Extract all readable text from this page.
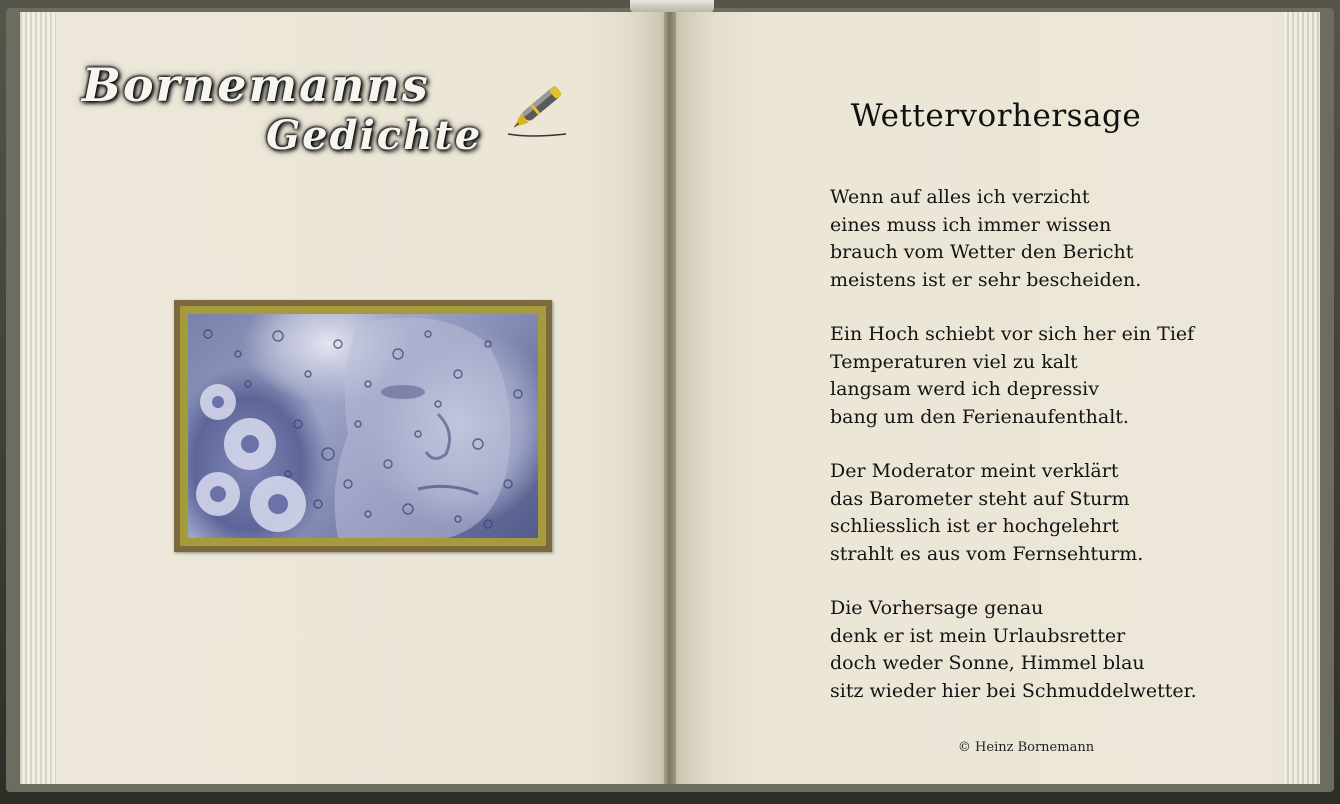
Bornemanns
Gedichte	Wettervorhersage
Wenn auf alles ich verzicht
eines muss ich immer wissen
brauch vom Wetter den Bericht
meistens ist er sehr bescheiden.
Ein Hoch schiebt vor sich her ein Tief
Temperaturen viel zu kalt
langsam werd ich depressiv
bang um den Ferienaufenthalt.
Der Moderator meint verklärt
das Barometer steht auf Sturm
schliesslich ist er hochgelehrt
strahlt es aus vom Fernsehturm.
Die Vorhersage genau
denk er ist mein Urlaubsretter
doch weder Sonne, Himmel blau
sitz wieder hier bei Schmuddelwetter.
© Heinz Bornemann
